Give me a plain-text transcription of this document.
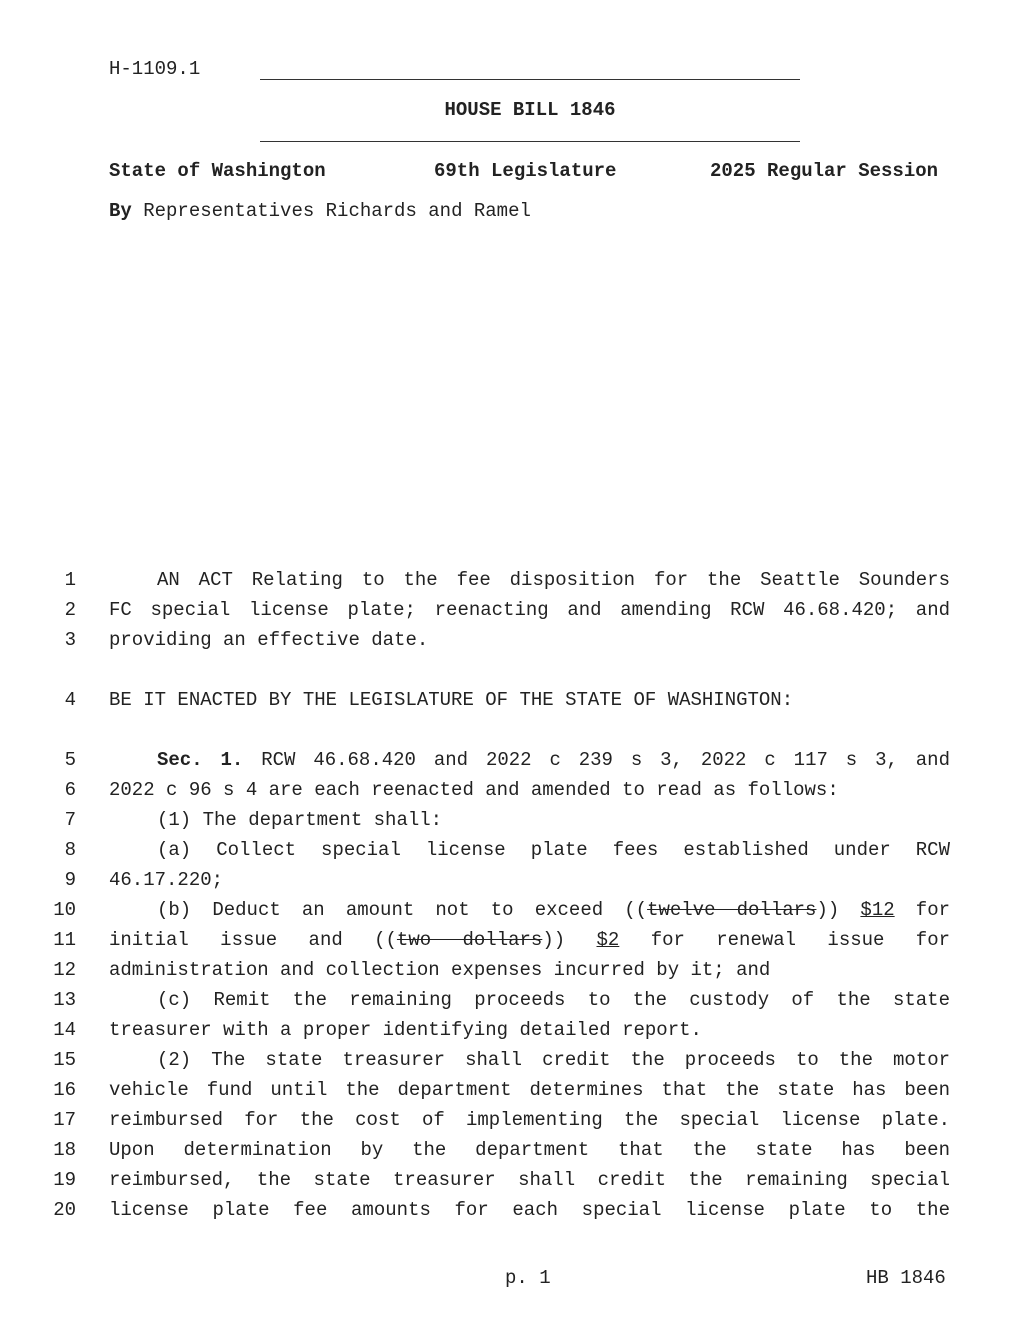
H-1109.1
HOUSE BILL 1846
State of Washington	69th Legislature	2025 Regular Session
By Representatives Richards and Ramel
1	AN ACT Relating to the fee disposition for the Seattle Sounders
2 FC special license plate; reenacting and amending RCW 46.68.420; and
3 providing an effective date.
4 BE IT ENACTED BY THE LEGISLATURE OF THE STATE OF WASHINGTON:
5	Sec. 1. RCW 46.68.420 and 2022 c 239 s 3, 2022 c 117 s 3, and
6 2022 c 96 s 4 are each reenacted and amended to read as follows:
7	(1) The department shall:
8	(a) Collect special license plate fees established under RCW
9 46.17.220;
10	(b) Deduct an amount not to exceed ((twelve dollars)) $12 for
11 initial issue and ((two dollars)) $2 for renewal issue for
12 administration and collection expenses incurred by it; and
13	(c) Remit the remaining proceeds to the custody of the state
14 treasurer with a proper identifying detailed report.
15	(2) The state treasurer shall credit the proceeds to the motor
16 vehicle fund until the department determines that the state has been
17 reimbursed for the cost of implementing the special license plate.
18 Upon determination by the department that the state has been
19 reimbursed, the state treasurer shall credit the remaining special
20 license plate fee amounts for each special license plate to the
p. 1	HB 1846
